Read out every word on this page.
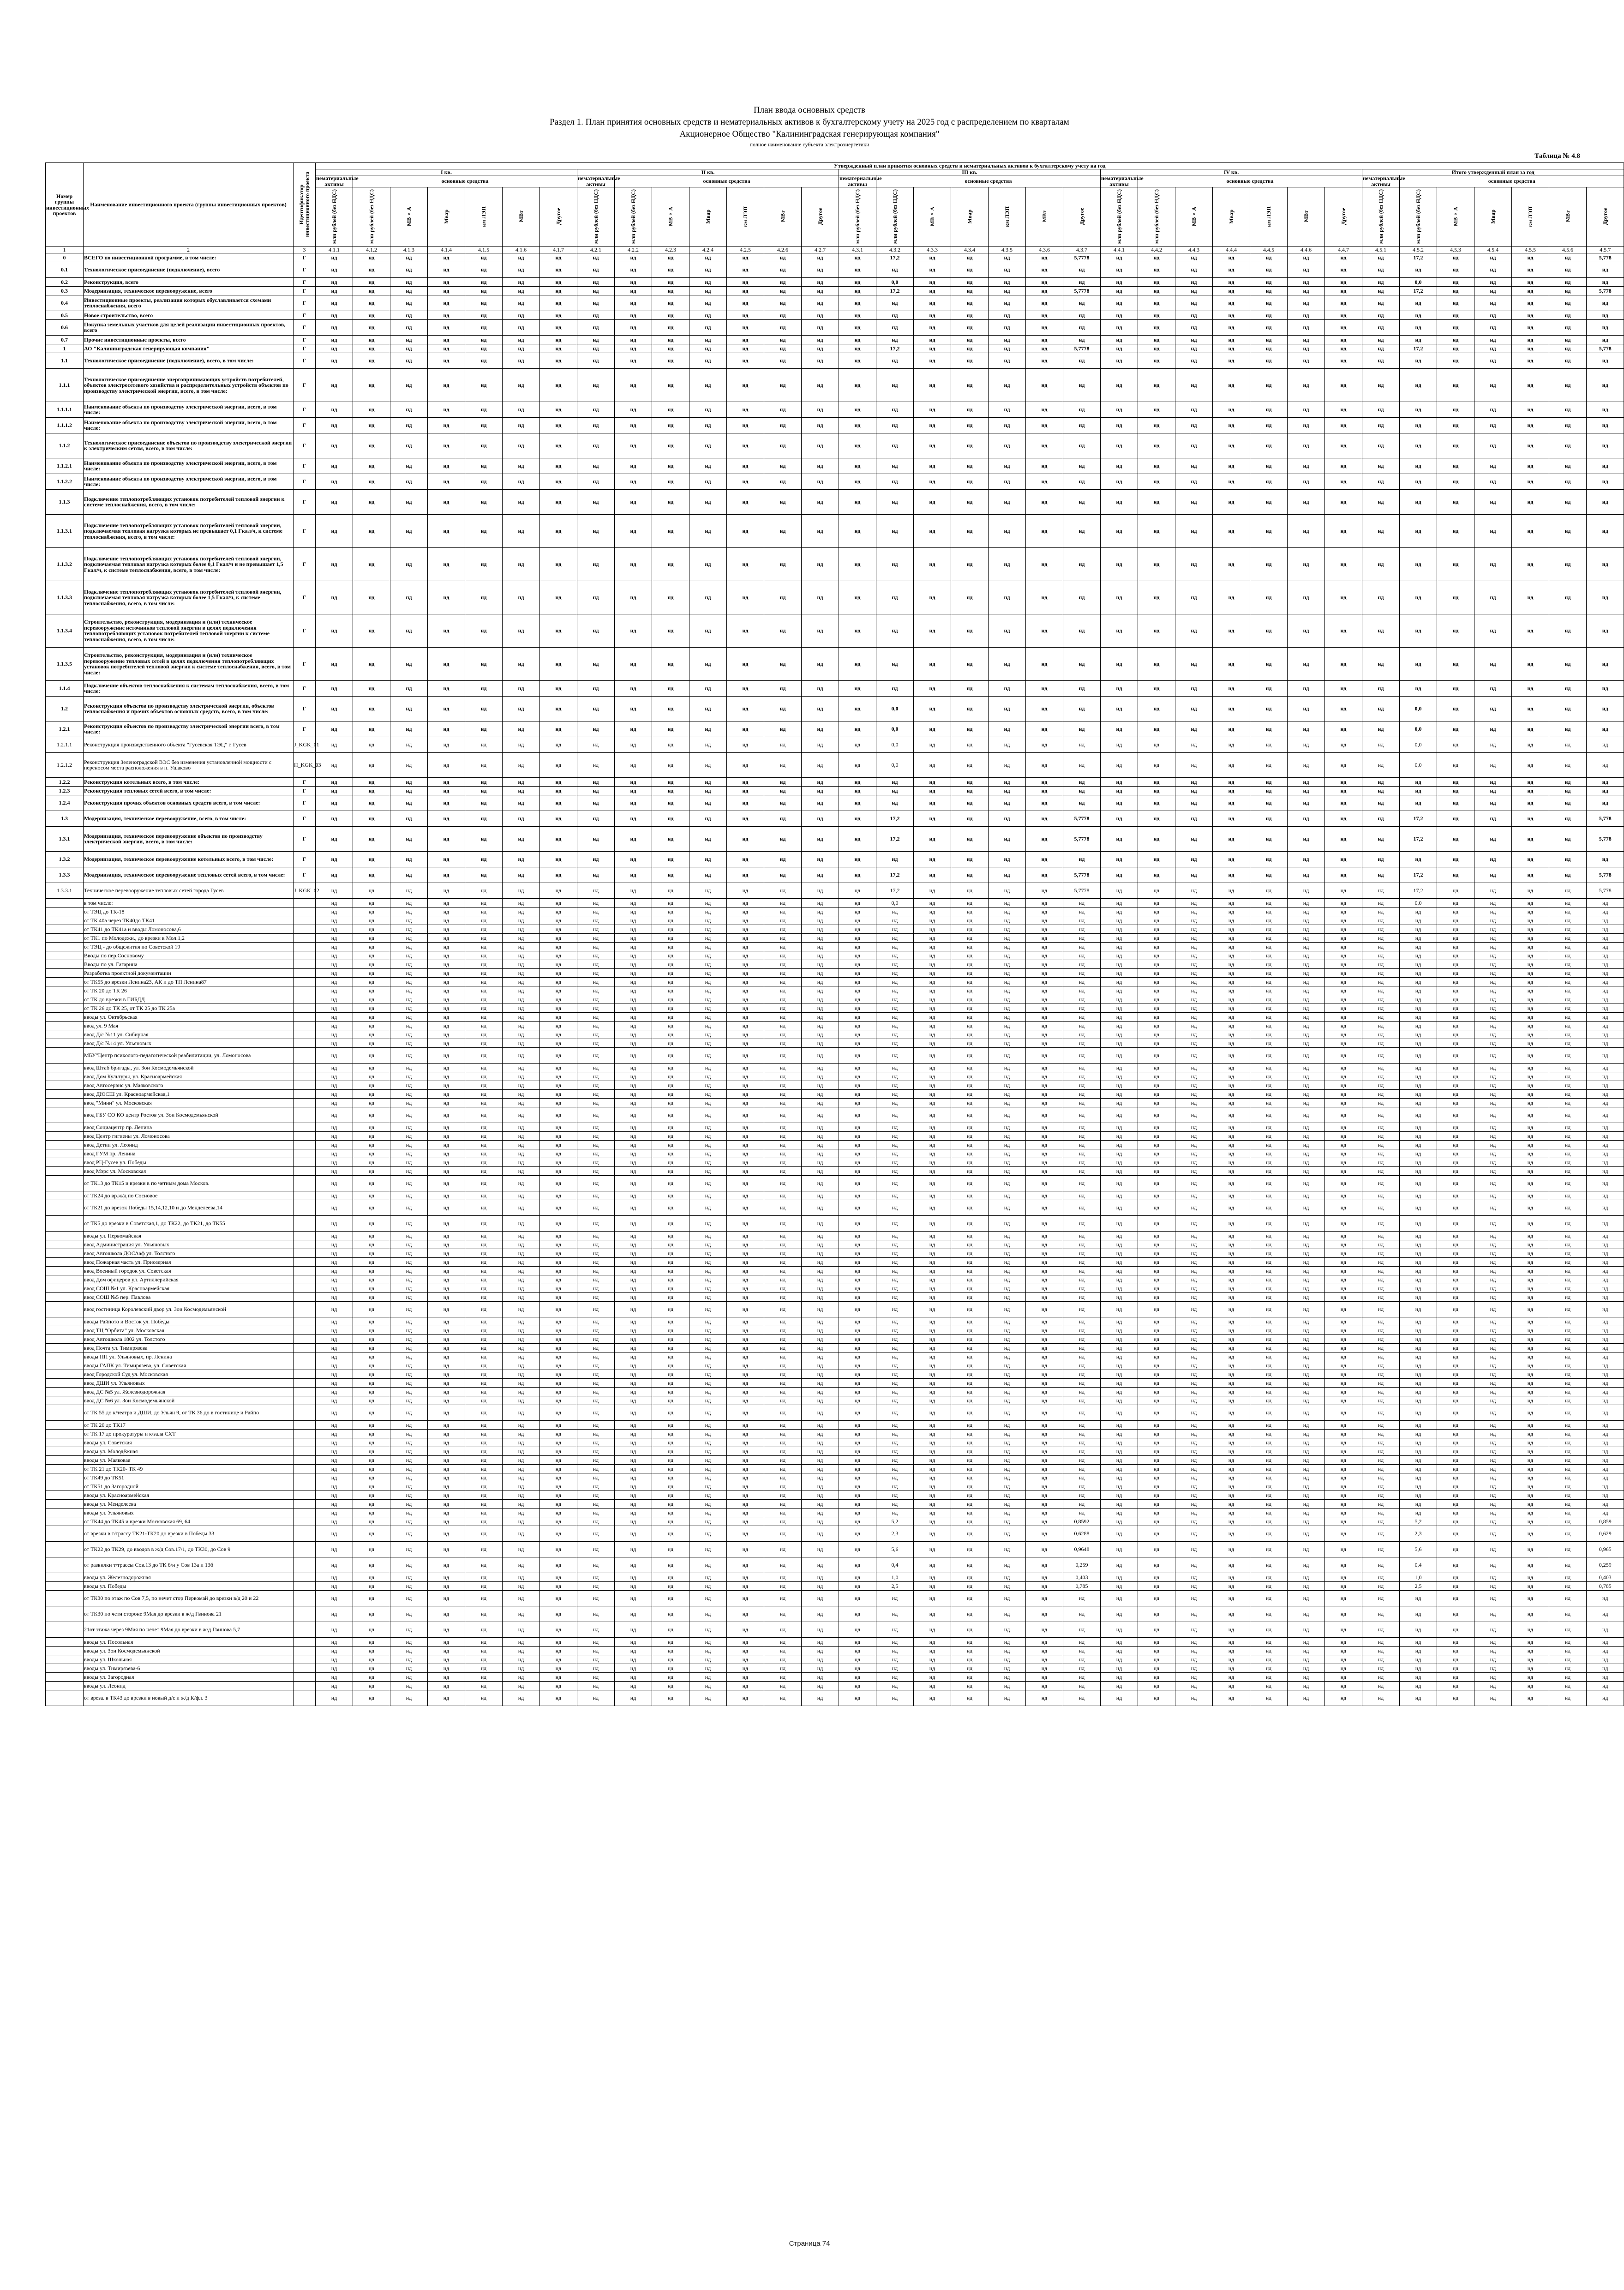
План ввода основных средств
Раздел 1. План принятия основных средств и нематериальных активов к бухгалтерскому учету на 2025 год с распределением по кварталам
Акционерное Общество "Калининградская генерирующая компания"
полное наименование субъекта электроэнергетики
Таблица № 4.8
Номер группы инвестиционных проектов	Наименование инвестиционного проекта (группы инвестиционных проектов)	Идентификатор инвестиционного проекта	Утвержденный план принятия основных средств и нематериальных активов к бухгалтерскому учету на год																																		
			I кв.							II кв.							III кв.							IV кв.							Итого утвержденный план за год						
			нематериальные активы	основные средства						нематериальные активы	основные средства						нематериальные активы	основные средства						нематериальные активы	основные средства						нематериальные активы	основные средства					
			млн рублей (без НДС)	млн рублей (без НДС)	МВ×А	Мвар	км ЛЭП	МВт	Другое	млн рублей (без НДС)	млн рублей (без НДС)	МВ×А	Мвар	км ЛЭП	МВт	Другое	млн рублей (без НДС)	млн рублей (без НДС)	МВ×А	Мвар	км ЛЭП	МВт	Другое	млн рублей (без НДС)	млн рублей (без НДС)	МВ×А	Мвар	км ЛЭП	МВт	Другое	млн рублей (без НДС)	млн рублей (без НДС)	МВ×А	Мвар	км ЛЭП	МВт	Другое
1	2	3	4.1.1	4.1.2	4.1.3	4.1.4	4.1.5	4.1.6	4.1.7	4.2.1	4.2.2	4.2.3	4.2.4	4.2.5	4.2.6	4.2.7	4.3.1	4.3.2	4.3.3	4.3.4	4.3.5	4.3.6	4.3.7	4.4.1	4.4.2	4.4.3	4.4.4	4.4.5	4.4.6	4.4.7	4.5.1	4.5.2	4.5.3	4.5.4	4.5.5	4.5.6	4.5.7
0	ВСЕГО по инвестиционной программе, в том числе:	Г	нд	нд	нд	нд	нд	нд	нд	нд	нд	нд	нд	нд	нд	нд	нд	17,2	нд	нд	нд	нд	5,7778	нд	нд	нд	нд	нд	нд	нд	нд	17,2	нд	нд	нд	нд	5,778
0.1	Технологическое присоединение (подключение), всего	Г	нд	нд	нд	нд	нд	нд	нд	нд	нд	нд	нд	нд	нд	нд	нд	нд	нд	нд	нд	нд	нд	нд	нд	нд	нд	нд	нд	нд	нд	нд	нд	нд	нд	нд	нд
0.2	Реконструкция, всего	Г	нд	нд	нд	нд	нд	нд	нд	нд	нд	нд	нд	нд	нд	нд	нд	0,0	нд	нд	нд	нд	нд	нд	нд	нд	нд	нд	нд	нд	нд	0,0	нд	нд	нд	нд	нд
0.3	Модернизация, техническое перевооружение, всего	Г	нд	нд	нд	нд	нд	нд	нд	нд	нд	нд	нд	нд	нд	нд	нд	17,2	нд	нд	нд	нд	5,7778	нд	нд	нд	нд	нд	нд	нд	нд	17,2	нд	нд	нд	нд	5,778
0.4	Инвестиционные проекты, реализация которых обуславливается схемами теплоснабжения, всего	Г	нд	нд	нд	нд	нд	нд	нд	нд	нд	нд	нд	нд	нд	нд	нд	нд	нд	нд	нд	нд	нд	нд	нд	нд	нд	нд	нд	нд	нд	нд	нд	нд	нд	нд	нд
0.5	Новое строительство, всего	Г	нд	нд	нд	нд	нд	нд	нд	нд	нд	нд	нд	нд	нд	нд	нд	нд	нд	нд	нд	нд	нд	нд	нд	нд	нд	нд	нд	нд	нд	нд	нд	нд	нд	нд	нд
0.6	Покупка земельных участков для целей реализации инвестиционных проектов, всего	Г	нд	нд	нд	нд	нд	нд	нд	нд	нд	нд	нд	нд	нд	нд	нд	нд	нд	нд	нд	нд	нд	нд	нд	нд	нд	нд	нд	нд	нд	нд	нд	нд	нд	нд	нд
0.7	Прочие инвестиционные проекты, всего	Г	нд	нд	нд	нд	нд	нд	нд	нд	нд	нд	нд	нд	нд	нд	нд	нд	нд	нд	нд	нд	нд	нд	нд	нд	нд	нд	нд	нд	нд	нд	нд	нд	нд	нд	нд
1	АО "Калининградская генерирующая компания"	Г	нд	нд	нд	нд	нд	нд	нд	нд	нд	нд	нд	нд	нд	нд	нд	17,2	нд	нд	нд	нд	5,7778	нд	нд	нд	нд	нд	нд	нд	нд	17,2	нд	нд	нд	нд	5,778
1.1	Технологическое присоединение (подключение), всего, в том числе:	Г	нд	нд	нд	нд	нд	нд	нд	нд	нд	нд	нд	нд	нд	нд	нд	нд	нд	нд	нд	нд	нд	нд	нд	нд	нд	нд	нд	нд	нд	нд	нд	нд	нд	нд	нд
1.1.1	Технологическое присоединение энергопринимающих устройств потребителей, объектов электросетевого хозяйства и распределительных устройств объектов по производству электрической энергии, всего, в том числе:	Г	нд	нд	нд	нд	нд	нд	нд	нд	нд	нд	нд	нд	нд	нд	нд	нд	нд	нд	нд	нд	нд	нд	нд	нд	нд	нд	нд	нд	нд	нд	нд	нд	нд	нд	нд
1.1.1.1	Наименование объекта по производству электрической энергии, всего, в том числе:	Г	нд	нд	нд	нд	нд	нд	нд	нд	нд	нд	нд	нд	нд	нд	нд	нд	нд	нд	нд	нд	нд	нд	нд	нд	нд	нд	нд	нд	нд	нд	нд	нд	нд	нд	нд
1.1.1.2	Наименование объекта по производству электрической энергии, всего, в том числе:	Г	нд	нд	нд	нд	нд	нд	нд	нд	нд	нд	нд	нд	нд	нд	нд	нд	нд	нд	нд	нд	нд	нд	нд	нд	нд	нд	нд	нд	нд	нд	нд	нд	нд	нд	нд
1.1.2	Технологическое присоединение объектов по производству электрической энергии к электрическим сетям, всего, в том числе:	Г	нд	нд	нд	нд	нд	нд	нд	нд	нд	нд	нд	нд	нд	нд	нд	нд	нд	нд	нд	нд	нд	нд	нд	нд	нд	нд	нд	нд	нд	нд	нд	нд	нд	нд	нд
1.1.2.1	Наименование объекта по производству электрической энергии, всего, в том числе:	Г	нд	нд	нд	нд	нд	нд	нд	нд	нд	нд	нд	нд	нд	нд	нд	нд	нд	нд	нд	нд	нд	нд	нд	нд	нд	нд	нд	нд	нд	нд	нд	нд	нд	нд	нд
1.1.2.2	Наименование объекта по производству электрической энергии, всего, в том числе:	Г	нд	нд	нд	нд	нд	нд	нд	нд	нд	нд	нд	нд	нд	нд	нд	нд	нд	нд	нд	нд	нд	нд	нд	нд	нд	нд	нд	нд	нд	нд	нд	нд	нд	нд	нд
1.1.3	Подключение теплопотребляющих установок потребителей тепловой энергии к системе теплоснабжения, всего, в том числе:	Г	нд	нд	нд	нд	нд	нд	нд	нд	нд	нд	нд	нд	нд	нд	нд	нд	нд	нд	нд	нд	нд	нд	нд	нд	нд	нд	нд	нд	нд	нд	нд	нд	нд	нд	нд
1.1.3.1	Подключение теплопотребляющих установок потребителей тепловой энергии, подключаемая тепловая нагрузка которых не превышает 0,1 Гкал/ч, к системе теплоснабжения, всего, в том числе:	Г	нд	нд	нд	нд	нд	нд	нд	нд	нд	нд	нд	нд	нд	нд	нд	нд	нд	нд	нд	нд	нд	нд	нд	нд	нд	нд	нд	нд	нд	нд	нд	нд	нд	нд	нд
1.1.3.2	Подключение теплопотребляющих установок потребителей тепловой энергии, подключаемая тепловая нагрузка которых более 0,1 Гкал/ч и не превышает 1,5 Гкал/ч, к системе теплоснабжения, всего, в том числе:	Г	нд	нд	нд	нд	нд	нд	нд	нд	нд	нд	нд	нд	нд	нд	нд	нд	нд	нд	нд	нд	нд	нд	нд	нд	нд	нд	нд	нд	нд	нд	нд	нд	нд	нд	нд
1.1.3.3	Подключение теплопотребляющих установок потребителей тепловой энергии, подключаемая тепловая нагрузка которых более 1,5 Гкал/ч, к системе теплоснабжения, всего, в том числе:	Г	нд	нд	нд	нд	нд	нд	нд	нд	нд	нд	нд	нд	нд	нд	нд	нд	нд	нд	нд	нд	нд	нд	нд	нд	нд	нд	нд	нд	нд	нд	нд	нд	нд	нд	нд
1.1.3.4	Строительство, реконструкция, модернизация и (или) техническое перевооружение источников тепловой энергии в целях подключения теплопотребляющих установок потребителей тепловой энергии к системе теплоснабжения, всего, в том числе:	Г	нд	нд	нд	нд	нд	нд	нд	нд	нд	нд	нд	нд	нд	нд	нд	нд	нд	нд	нд	нд	нд	нд	нд	нд	нд	нд	нд	нд	нд	нд	нд	нд	нд	нд	нд
1.1.3.5	Строительство, реконструкция, модернизация и (или) техническое перевооружение тепловых сетей в целях подключения теплопотребляющих установок потребителей тепловой энергии к системе теплоснабжения, всего, в том числе:	Г	нд	нд	нд	нд	нд	нд	нд	нд	нд	нд	нд	нд	нд	нд	нд	нд	нд	нд	нд	нд	нд	нд	нд	нд	нд	нд	нд	нд	нд	нд	нд	нд	нд	нд	нд
1.1.4	Подключение объектов теплоснабжения к системам теплоснабжения, всего, в том числе:	Г	нд	нд	нд	нд	нд	нд	нд	нд	нд	нд	нд	нд	нд	нд	нд	нд	нд	нд	нд	нд	нд	нд	нд	нд	нд	нд	нд	нд	нд	нд	нд	нд	нд	нд	нд
1.2	Реконструкция объектов по производству электрической энергии, объектов теплоснабжения и прочих объектов основных средств, всего, в том числе:	Г	нд	нд	нд	нд	нд	нд	нд	нд	нд	нд	нд	нд	нд	нд	нд	0,0	нд	нд	нд	нд	нд	нд	нд	нд	нд	нд	нд	нд	нд	0,0	нд	нд	нд	нд	нд
1.2.1	Реконструкция объектов по производству электрической энергии всего, в том числе:	Г	нд	нд	нд	нд	нд	нд	нд	нд	нд	нд	нд	нд	нд	нд	нд	0,0	нд	нд	нд	нд	нд	нд	нд	нд	нд	нд	нд	нд	нд	0,0	нд	нд	нд	нд	нд
1.2.1.1	Реконструкция производственного объекта "Гусевская ТЭЦ" г. Гусев	J_KGK_01	нд	нд	нд	нд	нд	нд	нд	нд	нд	нд	нд	нд	нд	нд	нд	0,0	нд	нд	нд	нд	нд	нд	нд	нд	нд	нд	нд	нд	нд	0,0	нд	нд	нд	нд	нд
1.2.1.2	Реконструкция Зеленоградской ВЭС без изменения установленной мощности с переносом места расположения в п. Ушаково	H_KGK_03	нд	нд	нд	нд	нд	нд	нд	нд	нд	нд	нд	нд	нд	нд	нд	0,0	нд	нд	нд	нд	нд	нд	нд	нд	нд	нд	нд	нд	нд	0,0	нд	нд	нд	нд	нд
1.2.2	Реконструкция котельных всего, в том числе:	Г	нд	нд	нд	нд	нд	нд	нд	нд	нд	нд	нд	нд	нд	нд	нд	нд	нд	нд	нд	нд	нд	нд	нд	нд	нд	нд	нд	нд	нд	нд	нд	нд	нд	нд	нд
1.2.3	Реконструкция тепловых сетей всего, в том числе:	Г	нд	нд	нд	нд	нд	нд	нд	нд	нд	нд	нд	нд	нд	нд	нд	нд	нд	нд	нд	нд	нд	нд	нд	нд	нд	нд	нд	нд	нд	нд	нд	нд	нд	нд	нд
1.2.4	Реконструкция прочих объектов основных средств всего, в том числе:	Г	нд	нд	нд	нд	нд	нд	нд	нд	нд	нд	нд	нд	нд	нд	нд	нд	нд	нд	нд	нд	нд	нд	нд	нд	нд	нд	нд	нд	нд	нд	нд	нд	нд	нд	нд
1.3	Модернизация, техническое перевооружение, всего, в том числе:	Г	нд	нд	нд	нд	нд	нд	нд	нд	нд	нд	нд	нд	нд	нд	нд	17,2	нд	нд	нд	нд	5,7778	нд	нд	нд	нд	нд	нд	нд	нд	17,2	нд	нд	нд	нд	5,778
1.3.1	Модернизация, техническое перевооружение объектов по производству электрической энергии, всего, в том числе:	Г	нд	нд	нд	нд	нд	нд	нд	нд	нд	нд	нд	нд	нд	нд	нд	17,2	нд	нд	нд	нд	5,7778	нд	нд	нд	нд	нд	нд	нд	нд	17,2	нд	нд	нд	нд	5,778
1.3.2	Модернизация, техническое перевооружение котельных всего, в том числе:	Г	нд	нд	нд	нд	нд	нд	нд	нд	нд	нд	нд	нд	нд	нд	нд	нд	нд	нд	нд	нд	нд	нд	нд	нд	нд	нд	нд	нд	нд	нд	нд	нд	нд	нд	нд
1.3.3	Модернизация, техническое перевооружение тепловых сетей всего, в том числе:	Г	нд	нд	нд	нд	нд	нд	нд	нд	нд	нд	нд	нд	нд	нд	нд	17,2	нд	нд	нд	нд	5,7778	нд	нд	нд	нд	нд	нд	нд	нд	17,2	нд	нд	нд	нд	5,778
1.3.3.1	Техническое перевооружение тепловых сетей города Гусев	J_KGK_02	нд	нд	нд	нд	нд	нд	нд	нд	нд	нд	нд	нд	нд	нд	нд	17,2	нд	нд	нд	нд	5,7778	нд	нд	нд	нд	нд	нд	нд	нд	17,2	нд	нд	нд	нд	5,778
	в том числе:		нд	нд	нд	нд	нд	нд	нд	нд	нд	нд	нд	нд	нд	нд	нд	0,0	нд	нд	нд	нд	нд	нд	нд	нд	нд	нд	нд	нд	нд	0,0	нд	нд	нд	нд	нд
	от ТЭЦ до ТК-18		нд	нд	нд	нд	нд	нд	нд	нд	нд	нд	нд	нд	нд	нд	нд	нд	нд	нд	нд	нд	нд	нд	нд	нд	нд	нд	нд	нд	нд	нд	нд	нд	нд	нд	нд
	от ТК 40а через ТК40до ТК41		нд	нд	нд	нд	нд	нд	нд	нд	нд	нд	нд	нд	нд	нд	нд	нд	нд	нд	нд	нд	нд	нд	нд	нд	нд	нд	нд	нд	нд	нд	нд	нд	нд	нд	нд
	от ТК41 до ТК41а и вводы Ломоносова,6		нд	нд	нд	нд	нд	нд	нд	нд	нд	нд	нд	нд	нд	нд	нд	нд	нд	нд	нд	нд	нд	нд	нд	нд	нд	нд	нд	нд	нд	нд	нд	нд	нд	нд	нд
	от ТК1 по Молодежн., до врезки в Мол.1,2		нд	нд	нд	нд	нд	нд	нд	нд	нд	нд	нд	нд	нд	нд	нд	нд	нд	нд	нд	нд	нд	нд	нд	нд	нд	нд	нд	нд	нд	нд	нд	нд	нд	нд	нд
	от ТЭЦ - до общежития по Советской 19		нд	нд	нд	нд	нд	нд	нд	нд	нд	нд	нд	нд	нд	нд	нд	нд	нд	нд	нд	нд	нд	нд	нд	нд	нд	нд	нд	нд	нд	нд	нд	нд	нд	нд	нд
	Вводы по пер.Сосновому		нд	нд	нд	нд	нд	нд	нд	нд	нд	нд	нд	нд	нд	нд	нд	нд	нд	нд	нд	нд	нд	нд	нд	нд	нд	нд	нд	нд	нд	нд	нд	нд	нд	нд	нд
	Вводы по ул. Гагарина		нд	нд	нд	нд	нд	нд	нд	нд	нд	нд	нд	нд	нд	нд	нд	нд	нд	нд	нд	нд	нд	нд	нд	нд	нд	нд	нд	нд	нд	нд	нд	нд	нд	нд	нд
	Разработка проектной документации		нд	нд	нд	нд	нд	нд	нд	нд	нд	нд	нд	нд	нд	нд	нд	нд	нд	нд	нд	нд	нд	нд	нд	нд	нд	нд	нд	нд	нд	нд	нд	нд	нд	нд	нд
	от ТК55 до врезки Ленина23, АК и до ТП Ленина87		нд	нд	нд	нд	нд	нд	нд	нд	нд	нд	нд	нд	нд	нд	нд	нд	нд	нд	нд	нд	нд	нд	нд	нд	нд	нд	нд	нд	нд	нд	нд	нд	нд	нд	нд
	от ТК 20 до ТК 26		нд	нд	нд	нд	нд	нд	нд	нд	нд	нд	нд	нд	нд	нд	нд	нд	нд	нд	нд	нд	нд	нд	нд	нд	нд	нд	нд	нд	нд	нд	нд	нд	нд	нд	нд
	от ТК до врезки в ГИБДД		нд	нд	нд	нд	нд	нд	нд	нд	нд	нд	нд	нд	нд	нд	нд	нд	нд	нд	нд	нд	нд	нд	нд	нд	нд	нд	нд	нд	нд	нд	нд	нд	нд	нд	нд
	от ТК 26 до ТК 25, от ТК 25 до ТК 25а		нд	нд	нд	нд	нд	нд	нд	нд	нд	нд	нд	нд	нд	нд	нд	нд	нд	нд	нд	нд	нд	нд	нд	нд	нд	нд	нд	нд	нд	нд	нд	нд	нд	нд	нд
	вводы ул. Октябрьская		нд	нд	нд	нд	нд	нд	нд	нд	нд	нд	нд	нд	нд	нд	нд	нд	нд	нд	нд	нд	нд	нд	нд	нд	нд	нд	нд	нд	нд	нд	нд	нд	нд	нд	нд
	ввод ул. 9 Мая		нд	нд	нд	нд	нд	нд	нд	нд	нд	нд	нд	нд	нд	нд	нд	нд	нд	нд	нд	нд	нд	нд	нд	нд	нд	нд	нд	нд	нд	нд	нд	нд	нд	нд	нд
	ввод Д/с №11 ул. Сибирная		нд	нд	нд	нд	нд	нд	нд	нд	нд	нд	нд	нд	нд	нд	нд	нд	нд	нд	нд	нд	нд	нд	нд	нд	нд	нд	нд	нд	нд	нд	нд	нд	нд	нд	нд
	ввод Д/с №14 ул. Ульяновых		нд	нд	нд	нд	нд	нд	нд	нд	нд	нд	нд	нд	нд	нд	нд	нд	нд	нд	нд	нд	нд	нд	нд	нд	нд	нд	нд	нд	нд	нд	нд	нд	нд	нд	нд
	МБУ"Центр психолого-педагогической реабилитации, ул. Ломоносова		нд	нд	нд	нд	нд	нд	нд	нд	нд	нд	нд	нд	нд	нд	нд	нд	нд	нд	нд	нд	нд	нд	нд	нд	нд	нд	нд	нд	нд	нд	нд	нд	нд	нд	нд
	ввод Штаб бригады, ул. Зои Космодемьянской		нд	нд	нд	нд	нд	нд	нд	нд	нд	нд	нд	нд	нд	нд	нд	нд	нд	нд	нд	нд	нд	нд	нд	нд	нд	нд	нд	нд	нд	нд	нд	нд	нд	нд	нд
	ввод Дом Культуры, ул. Красноармейская		нд	нд	нд	нд	нд	нд	нд	нд	нд	нд	нд	нд	нд	нд	нд	нд	нд	нд	нд	нд	нд	нд	нд	нд	нд	нд	нд	нд	нд	нд	нд	нд	нд	нд	нд
	ввод Автосервис ул. Маяковского		нд	нд	нд	нд	нд	нд	нд	нд	нд	нд	нд	нд	нд	нд	нд	нд	нд	нд	нд	нд	нд	нд	нд	нд	нд	нд	нд	нд	нд	нд	нд	нд	нд	нд	нд
	ввод ДЮСШ ул. Красноармейская,1		нд	нд	нд	нд	нд	нд	нд	нд	нд	нд	нд	нд	нд	нд	нд	нд	нд	нд	нд	нд	нд	нд	нд	нд	нд	нд	нд	нд	нд	нд	нд	нд	нд	нд	нд
	ввод "Мини" ул. Московская		нд	нд	нд	нд	нд	нд	нд	нд	нд	нд	нд	нд	нд	нд	нд	нд	нд	нд	нд	нд	нд	нд	нд	нд	нд	нд	нд	нд	нд	нд	нд	нд	нд	нд	нд
	ввод ГБУ СО КО центр Ростов ул. Зои Космодемьянской		нд	нд	нд	нд	нд	нд	нд	нд	нд	нд	нд	нд	нд	нд	нд	нд	нд	нд	нд	нд	нд	нд	нд	нд	нд	нд	нд	нд	нд	нд	нд	нд	нд	нд	нд
	ввод Социацентр пр. Ленина		нд	нд	нд	нд	нд	нд	нд	нд	нд	нд	нд	нд	нд	нд	нд	нд	нд	нд	нд	нд	нд	нд	нд	нд	нд	нд	нд	нд	нд	нд	нд	нд	нд	нд	нд
	ввод Центр гигиены ул. Ломоносова		нд	нд	нд	нд	нд	нд	нд	нд	нд	нд	нд	нд	нд	нд	нд	нд	нд	нд	нд	нд	нд	нд	нд	нд	нд	нд	нд	нд	нд	нд	нд	нд	нд	нд	нд
	ввод Детии ул. Леонид		нд	нд	нд	нд	нд	нд	нд	нд	нд	нд	нд	нд	нд	нд	нд	нд	нд	нд	нд	нд	нд	нд	нд	нд	нд	нд	нд	нд	нд	нд	нд	нд	нд	нд	нд
	ввод ГУМ пр. Ленина		нд	нд	нд	нд	нд	нд	нд	нд	нд	нд	нд	нд	нд	нд	нд	нд	нд	нд	нд	нд	нд	нд	нд	нд	нд	нд	нд	нд	нд	нд	нд	нд	нд	нд	нд
	ввод РЦ-Гусев ул. Победы		нд	нд	нд	нд	нд	нд	нд	нд	нд	нд	нд	нд	нд	нд	нд	нд	нд	нд	нд	нд	нд	нд	нд	нд	нд	нд	нд	нд	нд	нд	нд	нд	нд	нд	нд
	ввод Мэрс ул. Московская		нд	нд	нд	нд	нд	нд	нд	нд	нд	нд	нд	нд	нд	нд	нд	нд	нд	нд	нд	нд	нд	нд	нд	нд	нд	нд	нд	нд	нд	нд	нд	нд	нд	нд	нд
	от ТК13 до ТК15 и врезки в по четным дома Москов.		нд	нд	нд	нд	нд	нд	нд	нд	нд	нд	нд	нд	нд	нд	нд	нд	нд	нд	нд	нд	нд	нд	нд	нд	нд	нд	нд	нд	нд	нд	нд	нд	нд	нд	нд
	от ТК24 до вр.ж/д по Сосновое		нд	нд	нд	нд	нд	нд	нд	нд	нд	нд	нд	нд	нд	нд	нд	нд	нд	нд	нд	нд	нд	нд	нд	нд	нд	нд	нд	нд	нд	нд	нд	нд	нд	нд	нд
	от ТК21 до врезок Победы 15,14,12,10 и до Менделеева,14		нд	нд	нд	нд	нд	нд	нд	нд	нд	нд	нд	нд	нд	нд	нд	нд	нд	нд	нд	нд	нд	нд	нд	нд	нд	нд	нд	нд	нд	нд	нд	нд	нд	нд	нд
	от ТК5 до врезки в Советская,1, до ТК22, до ТК21, до ТК55		нд	нд	нд	нд	нд	нд	нд	нд	нд	нд	нд	нд	нд	нд	нд	нд	нд	нд	нд	нд	нд	нд	нд	нд	нд	нд	нд	нд	нд	нд	нд	нд	нд	нд	нд
	вводы ул. Первомайская		нд	нд	нд	нд	нд	нд	нд	нд	нд	нд	нд	нд	нд	нд	нд	нд	нд	нд	нд	нд	нд	нд	нд	нд	нд	нд	нд	нд	нд	нд	нд	нд	нд	нд	нд
	ввод Администрация ул. Ульяновых		нд	нд	нд	нд	нд	нд	нд	нд	нд	нд	нд	нд	нд	нд	нд	нд	нд	нд	нд	нд	нд	нд	нд	нд	нд	нд	нд	нд	нд	нд	нд	нд	нд	нд	нд
	ввод Автошкола ДОСАаф ул. Толстого		нд	нд	нд	нд	нд	нд	нд	нд	нд	нд	нд	нд	нд	нд	нд	нд	нд	нд	нд	нд	нд	нд	нд	нд	нд	нд	нд	нд	нд	нд	нд	нд	нд	нд	нд
	ввод Пожарная часть ул. Приозерная		нд	нд	нд	нд	нд	нд	нд	нд	нд	нд	нд	нд	нд	нд	нд	нд	нд	нд	нд	нд	нд	нд	нд	нд	нд	нд	нд	нд	нд	нд	нд	нд	нд	нд	нд
	ввод Военный городок ул. Советская		нд	нд	нд	нд	нд	нд	нд	нд	нд	нд	нд	нд	нд	нд	нд	нд	нд	нд	нд	нд	нд	нд	нд	нд	нд	нд	нд	нд	нд	нд	нд	нд	нд	нд	нд
	ввод Дом офицеров ул. Артиллерийская		нд	нд	нд	нд	нд	нд	нд	нд	нд	нд	нд	нд	нд	нд	нд	нд	нд	нд	нд	нд	нд	нд	нд	нд	нд	нд	нд	нд	нд	нд	нд	нд	нд	нд	нд
	ввод СОШ №1 ул. Красноармейская		нд	нд	нд	нд	нд	нд	нд	нд	нд	нд	нд	нд	нд	нд	нд	нд	нд	нд	нд	нд	нд	нд	нд	нд	нд	нд	нд	нд	нд	нд	нд	нд	нд	нд	нд
	ввод СОШ №5 пер. Павлова		нд	нд	нд	нд	нд	нд	нд	нд	нд	нд	нд	нд	нд	нд	нд	нд	нд	нд	нд	нд	нд	нд	нд	нд	нд	нд	нд	нд	нд	нд	нд	нд	нд	нд	нд
	ввод гостиница Королевский двор ул. Зои Космодемьянской		нд	нд	нд	нд	нд	нд	нд	нд	нд	нд	нд	нд	нд	нд	нд	нд	нд	нд	нд	нд	нд	нд	нд	нд	нд	нд	нд	нд	нд	нд	нд	нд	нд	нд	нд
	вводы Райпото и Восток ул. Победы		нд	нд	нд	нд	нд	нд	нд	нд	нд	нд	нд	нд	нд	нд	нд	нд	нд	нд	нд	нд	нд	нд	нд	нд	нд	нд	нд	нд	нд	нд	нд	нд	нд	нд	нд
	ввод ТЦ "Орбита" ул. Московская		нд	нд	нд	нд	нд	нд	нд	нд	нд	нд	нд	нд	нд	нд	нд	нд	нд	нд	нд	нд	нд	нд	нд	нд	нд	нд	нд	нд	нд	нд	нд	нд	нд	нд	нд
	ввод Автошкола 1802 ул. Толстого		нд	нд	нд	нд	нд	нд	нд	нд	нд	нд	нд	нд	нд	нд	нд	нд	нд	нд	нд	нд	нд	нд	нд	нд	нд	нд	нд	нд	нд	нд	нд	нд	нд	нд	нд
	ввод Почта ул. Тимирязева		нд	нд	нд	нд	нд	нд	нд	нд	нд	нд	нд	нд	нд	нд	нд	нд	нд	нд	нд	нд	нд	нд	нд	нд	нд	нд	нд	нд	нд	нд	нд	нд	нд	нд	нд
	вводы ПП ул. Ульяновых, пр. Ленина		нд	нд	нд	нд	нд	нд	нд	нд	нд	нд	нд	нд	нд	нд	нд	нд	нд	нд	нд	нд	нд	нд	нд	нд	нд	нд	нд	нд	нд	нд	нд	нд	нд	нд	нд
	вводы ГАПК ул. Тимирязева, ул. Советская		нд	нд	нд	нд	нд	нд	нд	нд	нд	нд	нд	нд	нд	нд	нд	нд	нд	нд	нд	нд	нд	нд	нд	нд	нд	нд	нд	нд	нд	нд	нд	нд	нд	нд	нд
	ввод Городской Суд ул. Московская		нд	нд	нд	нд	нд	нд	нд	нд	нд	нд	нд	нд	нд	нд	нд	нд	нд	нд	нд	нд	нд	нд	нд	нд	нд	нд	нд	нд	нд	нд	нд	нд	нд	нд	нд
	ввод ДШИ ул. Ульяновых		нд	нд	нд	нд	нд	нд	нд	нд	нд	нд	нд	нд	нд	нд	нд	нд	нд	нд	нд	нд	нд	нд	нд	нд	нд	нд	нд	нд	нд	нд	нд	нд	нд	нд	нд
	ввод ДС №5 ул. Железнодорожная		нд	нд	нд	нд	нд	нд	нд	нд	нд	нд	нд	нд	нд	нд	нд	нд	нд	нд	нд	нд	нд	нд	нд	нд	нд	нд	нд	нд	нд	нд	нд	нд	нд	нд	нд
	ввод ДС №6 ул. Зои Космодемьянской		нд	нд	нд	нд	нд	нд	нд	нд	нд	нд	нд	нд	нд	нд	нд	нд	нд	нд	нд	нд	нд	нд	нд	нд	нд	нд	нд	нд	нд	нд	нд	нд	нд	нд	нд
	от ТК 55 до к/театра и ДШИ, до Ульян 9, от ТК 36 до в гостинице и Райпо		нд	нд	нд	нд	нд	нд	нд	нд	нд	нд	нд	нд	нд	нд	нд	нд	нд	нд	нд	нд	нд	нд	нд	нд	нд	нд	нд	нд	нд	нд	нд	нд	нд	нд	нд
	от ТК 20 до ТК17		нд	нд	нд	нд	нд	нд	нд	нд	нд	нд	нд	нд	нд	нд	нд	нд	нд	нд	нд	нд	нд	нд	нд	нд	нд	нд	нд	нд	нд	нд	нд	нд	нд	нд	нд
	от ТК 17 до прокуратуры и к/зала СХТ		нд	нд	нд	нд	нд	нд	нд	нд	нд	нд	нд	нд	нд	нд	нд	нд	нд	нд	нд	нд	нд	нд	нд	нд	нд	нд	нд	нд	нд	нд	нд	нд	нд	нд	нд
	вводы ул. Советская		нд	нд	нд	нд	нд	нд	нд	нд	нд	нд	нд	нд	нд	нд	нд	нд	нд	нд	нд	нд	нд	нд	нд	нд	нд	нд	нд	нд	нд	нд	нд	нд	нд	нд	нд
	вводы ул. Молодёжная		нд	нд	нд	нд	нд	нд	нд	нд	нд	нд	нд	нд	нд	нд	нд	нд	нд	нд	нд	нд	нд	нд	нд	нд	нд	нд	нд	нд	нд	нд	нд	нд	нд	нд	нд
	вводы ул. Маяковая		нд	нд	нд	нд	нд	нд	нд	нд	нд	нд	нд	нд	нд	нд	нд	нд	нд	нд	нд	нд	нд	нд	нд	нд	нд	нд	нд	нд	нд	нд	нд	нд	нд	нд	нд
	от ТК 21 до ТК20- ТК 49		нд	нд	нд	нд	нд	нд	нд	нд	нд	нд	нд	нд	нд	нд	нд	нд	нд	нд	нд	нд	нд	нд	нд	нд	нд	нд	нд	нд	нд	нд	нд	нд	нд	нд	нд
	от ТК49 до ТК51		нд	нд	нд	нд	нд	нд	нд	нд	нд	нд	нд	нд	нд	нд	нд	нд	нд	нд	нд	нд	нд	нд	нд	нд	нд	нд	нд	нд	нд	нд	нд	нд	нд	нд	нд
	от ТК51 до Загородной		нд	нд	нд	нд	нд	нд	нд	нд	нд	нд	нд	нд	нд	нд	нд	нд	нд	нд	нд	нд	нд	нд	нд	нд	нд	нд	нд	нд	нд	нд	нд	нд	нд	нд	нд
	вводы ул. Красноармейская		нд	нд	нд	нд	нд	нд	нд	нд	нд	нд	нд	нд	нд	нд	нд	нд	нд	нд	нд	нд	нд	нд	нд	нд	нд	нд	нд	нд	нд	нд	нд	нд	нд	нд	нд
	вводы ул. Менделеева		нд	нд	нд	нд	нд	нд	нд	нд	нд	нд	нд	нд	нд	нд	нд	нд	нд	нд	нд	нд	нд	нд	нд	нд	нд	нд	нд	нд	нд	нд	нд	нд	нд	нд	нд
	вводы ул. Ульяновых		нд	нд	нд	нд	нд	нд	нд	нд	нд	нд	нд	нд	нд	нд	нд	нд	нд	нд	нд	нд	нд	нд	нд	нд	нд	нд	нд	нд	нд	нд	нд	нд	нд	нд	нд
	от ТК44 до ТК45 и врезки Московская 69, 64		нд	нд	нд	нд	нд	нд	нд	нд	нд	нд	нд	нд	нд	нд	нд	5,2	нд	нд	нд	нд	0,8592	нд	нд	нд	нд	нд	нд	нд	нд	5,2	нд	нд	нд	нд	0,859
	от врезки в т/трассу ТК21-ТК20 до врезки в Победы 33		нд	нд	нд	нд	нд	нд	нд	нд	нд	нд	нд	нд	нд	нд	нд	2,3	нд	нд	нд	нд	0,6288	нд	нд	нд	нд	нд	нд	нд	нд	2,3	нд	нд	нд	нд	0,629
	от ТК22 до ТК29, до вводов в ж/д Сов.17/1, до ТК30, до Сов 9		нд	нд	нд	нд	нд	нд	нд	нд	нд	нд	нд	нд	нд	нд	нд	5,6	нд	нд	нд	нд	0,9648	нд	нд	нд	нд	нд	нд	нд	нд	5,6	нд	нд	нд	нд	0,965
	от развилки т/трассы Сов.13 до ТК б/н у Сов 13а и 13б		нд	нд	нд	нд	нд	нд	нд	нд	нд	нд	нд	нд	нд	нд	нд	0,4	нд	нд	нд	нд	0,259	нд	нд	нд	нд	нд	нд	нд	нд	0,4	нд	нд	нд	нд	0,259
	вводы ул. Железнодорожная		нд	нд	нд	нд	нд	нд	нд	нд	нд	нд	нд	нд	нд	нд	нд	1,0	нд	нд	нд	нд	0,403	нд	нд	нд	нд	нд	нд	нд	нд	1,0	нд	нд	нд	нд	0,403
	вводы ул. Победы		нд	нд	нд	нд	нд	нд	нд	нд	нд	нд	нд	нд	нд	нд	нд	2,5	нд	нд	нд	нд	0,785	нд	нд	нд	нд	нд	нд	нд	нд	2,5	нд	нд	нд	нд	0,785
	от ТК30 по этаж по Сов 7,5, по нечет стор Первомай до врезки в/д 20 и 22		нд	нд	нд	нд	нд	нд	нд	нд	нд	нд	нд	нд	нд	нд	нд	нд	нд	нд	нд	нд	нд	нд	нд	нд	нд	нд	нд	нд	нд	нд	нд	нд	нд	нд	нд
	от ТК30 по четн стороне 9Мая до врезки в ж/д Гвинова 21		нд	нд	нд	нд	нд	нд	нд	нд	нд	нд	нд	нд	нд	нд	нд	нд	нд	нд	нд	нд	нд	нд	нд	нд	нд	нд	нд	нд	нд	нд	нд	нд	нд	нд	нд
	21от этажа через 9Мая по нечет 9Мая до врезки в ж/д Гвинова 5,7		нд	нд	нд	нд	нд	нд	нд	нд	нд	нд	нд	нд	нд	нд	нд	нд	нд	нд	нд	нд	нд	нд	нд	нд	нд	нд	нд	нд	нд	нд	нд	нд	нд	нд	нд
	вводы ул. Посольная		нд	нд	нд	нд	нд	нд	нд	нд	нд	нд	нд	нд	нд	нд	нд	нд	нд	нд	нд	нд	нд	нд	нд	нд	нд	нд	нд	нд	нд	нд	нд	нд	нд	нд	нд
	вводы ул. Зои Космодемьянской		нд	нд	нд	нд	нд	нд	нд	нд	нд	нд	нд	нд	нд	нд	нд	нд	нд	нд	нд	нд	нд	нд	нд	нд	нд	нд	нд	нд	нд	нд	нд	нд	нд	нд	нд
	вводы ул. Школьная		нд	нд	нд	нд	нд	нд	нд	нд	нд	нд	нд	нд	нд	нд	нд	нд	нд	нд	нд	нд	нд	нд	нд	нд	нд	нд	нд	нд	нд	нд	нд	нд	нд	нд	нд
	вводы ул. Тимирязева-6		нд	нд	нд	нд	нд	нд	нд	нд	нд	нд	нд	нд	нд	нд	нд	нд	нд	нд	нд	нд	нд	нд	нд	нд	нд	нд	нд	нд	нд	нд	нд	нд	нд	нд	нд
	вводы ул. Загородная		нд	нд	нд	нд	нд	нд	нд	нд	нд	нд	нд	нд	нд	нд	нд	нд	нд	нд	нд	нд	нд	нд	нд	нд	нд	нд	нд	нд	нд	нд	нд	нд	нд	нд	нд
	вводы ул. Леонид		нд	нд	нд	нд	нд	нд	нд	нд	нд	нд	нд	нд	нд	нд	нд	нд	нд	нд	нд	нд	нд	нд	нд	нд	нд	нд	нд	нд	нд	нд	нд	нд	нд	нд	нд
	от вреза. в ТК43 до врезки в новый д/с и ж/д К/фл. 3		нд	нд	нд	нд	нд	нд	нд	нд	нд	нд	нд	нд	нд	нд	нд	нд	нд	нд	нд	нд	нд	нд	нд	нд	нд	нд	нд	нд	нд	нд	нд	нд	нд	нд	нд
Страница 74
